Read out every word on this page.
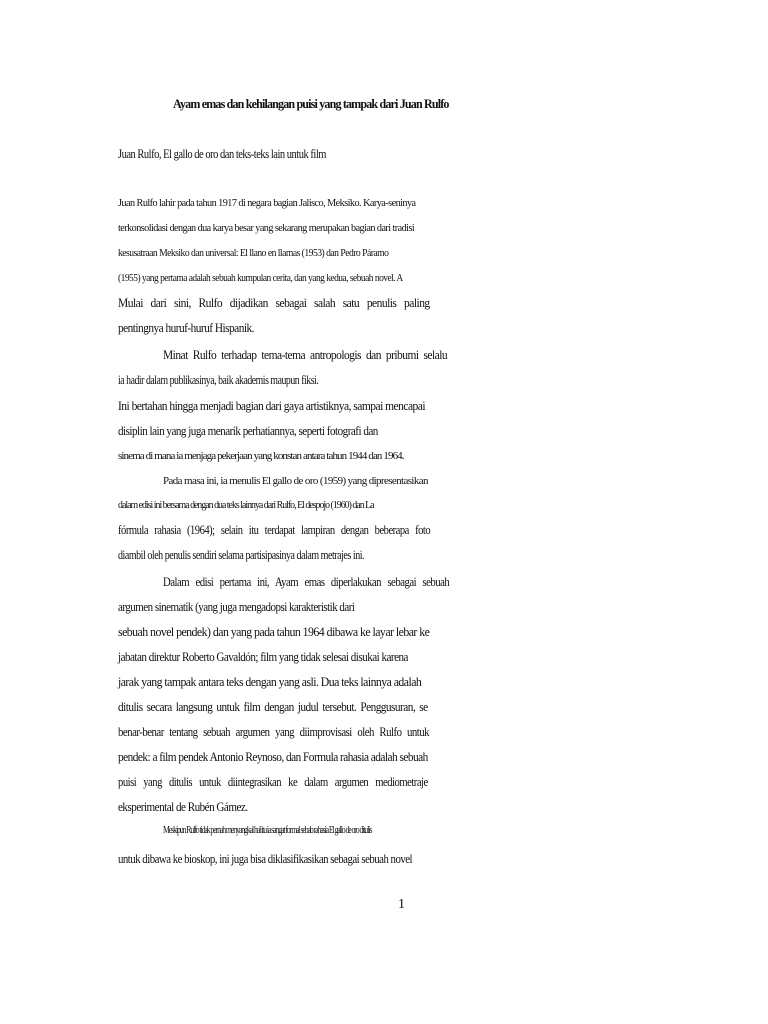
Ayam emas dan kehilangan puisi yang tampak dari Juan Rulfo
Juan Rulfo, El gallo de oro dan teks-teks lain untuk film
Juan Rulfo lahir pada tahun 1917 di negara bagian Jalisco, Meksiko. Karya-seninya
terkonsolidasi dengan dua karya besar yang sekarang merupakan bagian dari tradisi
kesusatraan Meksiko dan universal: El llano en llamas (1953) dan Pedro Páramo
(1955) yang pertama adalah sebuah kumpulan cerita, dan yang kedua, sebuah novel. A
Mulai dari sini, Rulfo dijadikan sebagai salah satu penulis paling
pentingnya huruf-huruf Hispanik.
Minat Rulfo terhadap tema-tema antropologis dan pribumi selalu
ia hadir dalam publikasinya, baik akademis maupun fiksi.
Ini bertahan hingga menjadi bagian dari gaya artistiknya, sampai mencapai
disiplin lain yang juga menarik perhatiannya, seperti fotografi dan
sinema di mana ia menjaga pekerjaan yang konstan antara tahun 1944 dan 1964.
Pada masa ini, ia menulis El gallo de oro (1959) yang dipresentasikan
dalam edisi ini bersama dengan dua teks lainnya dari Rulfo, El despojo (1960) dan La
fórmula rahasia (1964); selain itu terdapat lampiran dengan beberapa foto
diambil oleh penulis sendiri selama partisipasinya dalam metrajes ini.
Dalam edisi pertama ini, Ayam emas diperlakukan sebagai sebuah
argumen sinematik (yang juga mengadopsi karakteristik dari
sebuah novel pendek) dan yang pada tahun 1964 dibawa ke layar lebar ke
jabatan direktur Roberto Gavaldón; film yang tidak selesai disukai karena
jarak yang tampak antara teks dengan yang asli. Dua teks lainnya adalah
ditulis secara langsung untuk film dengan judul tersebut. Penggusuran, se
benar-benar tentang sebuah argumen yang diimprovisasi oleh Rulfo untuk
pendek: a film pendek Antonio Reynoso, dan Formula rahasia adalah sebuah
puisi yang ditulis untuk diintegrasikan ke dalam argumen mediometraje
eksperimental de Rubén Gámez.
Meskipun Rulfo tidak pernah menyangkal hal itu ia sangat formal sebab rahasia El gallo de oro ditulis
untuk dibawa ke bioskop, ini juga bisa diklasifikasikan sebagai sebuah novel
1
